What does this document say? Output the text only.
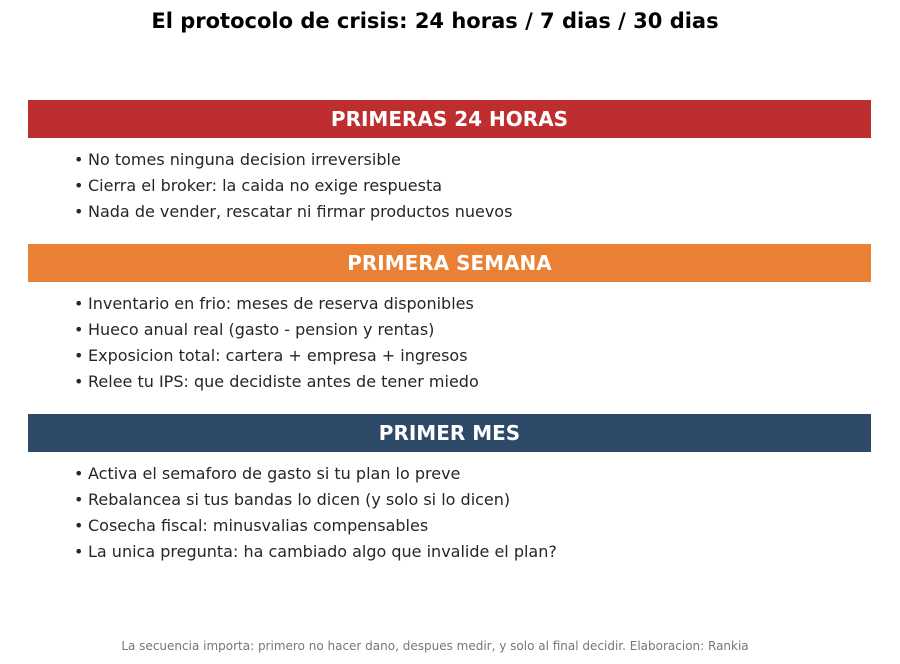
El protocolo de crisis: 24 horas / 7 dias / 30 dias
PRIMERAS 24 HORAS
• No tomes ninguna decision irreversible
• Cierra el broker: la caida no exige respuesta
• Nada de vender, rescatar ni firmar productos nuevos
PRIMERA SEMANA
• Inventario en frio: meses de reserva disponibles
• Hueco anual real (gasto - pension y rentas)
• Exposicion total: cartera + empresa + ingresos
• Relee tu IPS: que decidiste antes de tener miedo
PRIMER MES
• Activa el semaforo de gasto si tu plan lo preve
• Rebalancea si tus bandas lo dicen (y solo si lo dicen)
• Cosecha fiscal: minusvalias compensables
• La unica pregunta: ha cambiado algo que invalide el plan?
La secuencia importa: primero no hacer dano, despues medir, y solo al final decidir. Elaboracion: Rankia
